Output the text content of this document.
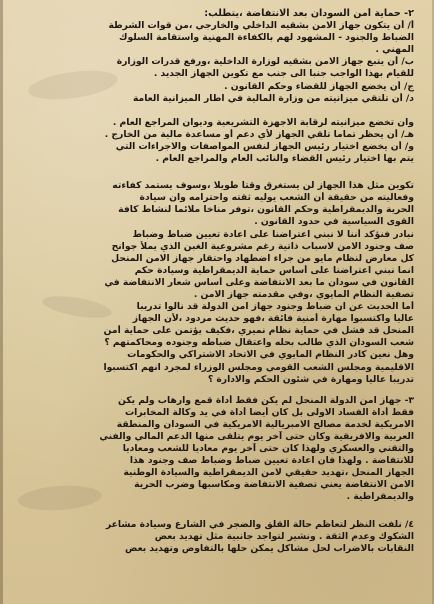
٢- حماية أمن السودان بعد الانتفاضة ،يتطلب:
أ/ أن يتكون جهاز الامن بشقيه الداخلي والخارجي ،من قوات الشرطة
الضباط والجنود - المشهود لهم بالكفاءة المهنية واستقامة السلوك
المهني .
ب/ أن يتبع جهاز الامن بشقيه لوزارة الداخلية ،ورفع قدرات الوزارة
للقيام بهذا الواجب جنبا الى جنب مع تكوين الجهاز الجديد .
ج/ أن يخضع الجهاز للقضاء وحكم القانون .
د/ أن تلتقي ميزانيته من وزارة المالية في اطار الميزانية العامة
وان تخضع ميزانيته لرقابة الاجهزة التشريعية وديوان المراجع العام .
هـ/ أن يحظر تماما تلقي الجهاز لأي دعم أو مساعدة مالية من الخارج .
و/ أن يخضع اختيار رئيس الجهاز لنفس المواصفات والاجراءات التي
يتم بها اختيار رئيس القضاء والنائب العام والمراجع العام .
تكوين مثل هذا الجهاز لن يستغرق وقتا طويلا ،وسوف يستمد كفاءته
وفعاليته من حقيقة أن الشعب يوليه ثقته واحترامه وان سيادة
الحرية والديمقراطية وحكم القانون ،توفر مناخا ملائما لنشاط كافة
القوى السياسية في حدود القانون .
نبادر فنؤكد أننا لا نبني اعتراضنا على اعادة تعيين ضباط وضباط
صف وجنود الامن لاسباب ذاتية رغم مشروعية الغبن الذي يملأ جوانح
كل معارض لنظام مايو من جراء اضطهاد واحتقار جهاز الامن المنحل
انما نبني اعتراضنا على أساس حماية الديمقراطية وسيادة حكم
القانون في سودان ما بعد الانتفاضة وعلى أساس شعار الانتفاضة في
تصفية النظام المايوي ،وفي مقدمته جهاز الامن .
أما الحديث عن ان ضباط وجنود جهاز امن الدولة قد نالوا تدريبا
عاليا واكتسبوا مهارة أمنية فائقة ،فهو حديث مردود ،لأن الجهاز
المنحل قد فشل في حماية نظام نميري ،فكيف يؤتمن على حماية أمن
شعب السودان الذي طالب بحله واعتقال ضباطه وجنوده ومحاكمتهم ؟
وهل نعين كادر النظام المايوي في الاتحاد الاشتراكي والحكومات
الاقليمية ومجلس الشعب القومي ومجلس الوزراء لمجرد انهم اكتسبوا
تدريبا عاليا ومهارة في شئون الحكم والادارة ؟
٣- جهاز امن الدولة المنحل لم يكن فقط أداة قمع وارهاب ولم يكن
فقط أداة الفساد الاولى بل كان أيضا أداة في يد وكالة المخابرات
الامريكية لخدمة مصالح الامبريالية الامريكية في السودان والمنطقة
العربية والافريقية وكان حتى آخر يوم يتلقى منها الدعم المالي والفني
والتقني والعسكري ولهذا كان حتى آخر يوم معاديا للشعب ومعاديا
للانتفاضة . ولهذا فان اعادة تعيين ضباط وضباط صف وجنود هذا
الجهاز المنحل ،تهديد حقيقي لامن الديمقراطية والسيادة الوطنية
الامن الانتفاضة يعني تصفية الانتفاضة ومكاسبها وضرب الحرية
والديمقراطية .
٤/ نلفت النظر لتعاظم حالة القلق والضجر في الشارع وسيادة مشاعر
الشكوك وعدم الثقة . ونشير لتواجد جانبية مثل تهديد بعض
النقابات بالاضراب لحل مشاكل يمكن حلها بالتفاوض وتهديد بعض
